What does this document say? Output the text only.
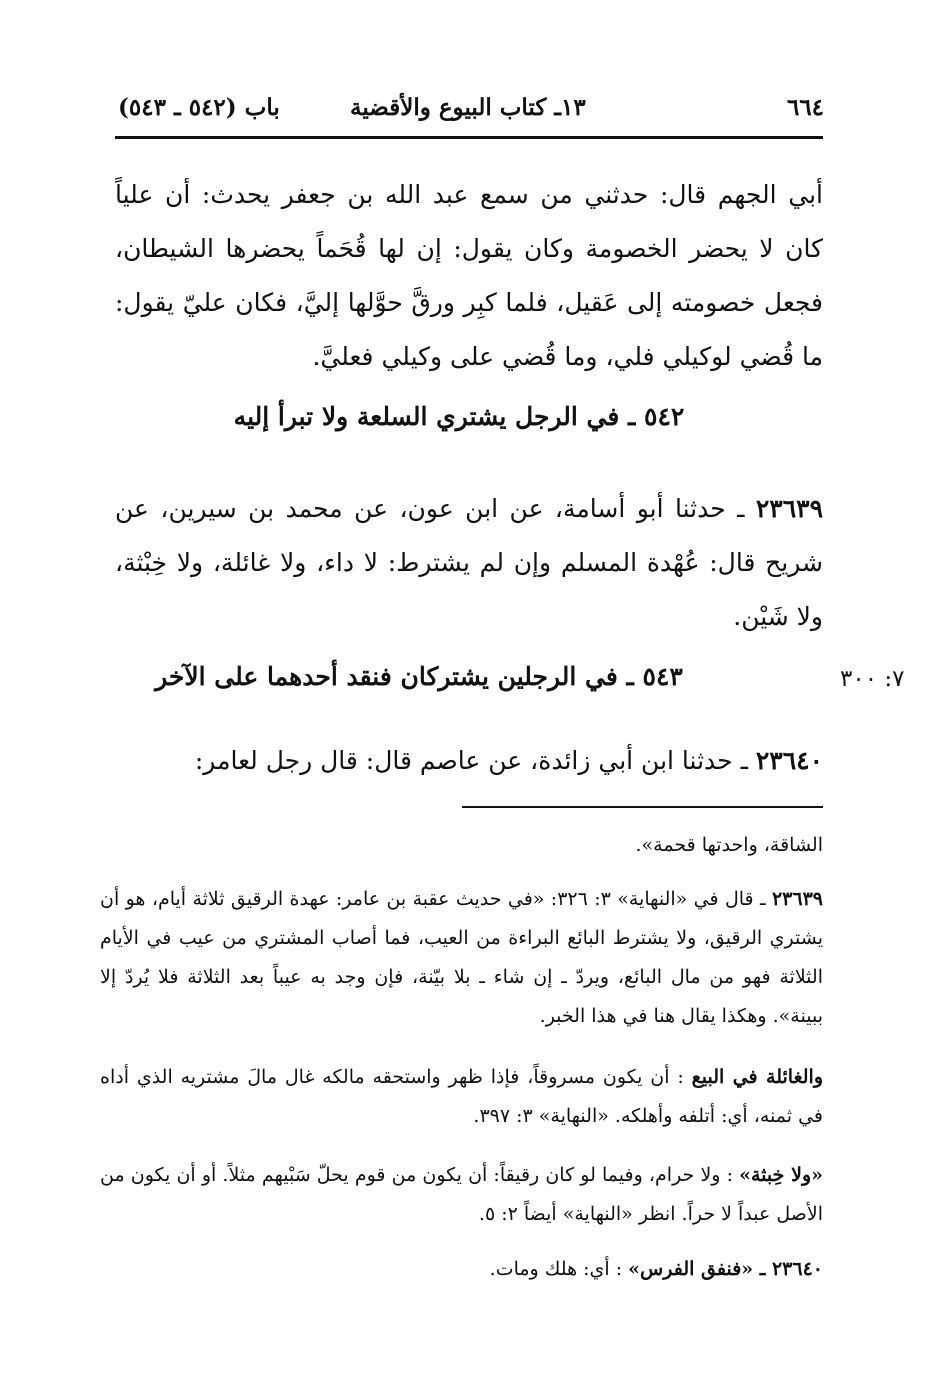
٦٦٤
١٣ـ كتاب البيوع والأقضية
باب (٥٤٢ ـ ٥٤٣)
أبي الجهم قال: حدثني من سمع عبد الله بن جعفر يحدث: أن علياً كان لا يحضر الخصومة وكان يقول: إن لها قُحَماً يحضرها الشيطان، فجعل خصومته إلى عَقيل، فلما كبِر ورقَّ حوَّلها إليَّ، فكان عليّ يقول: ما قُضي لوكيلي فلي، وما قُضي على وكيلي فعليَّ.
٥٤٢ ـ في الرجل يشتري السلعة ولا تبرأ إليه
٢٣٦٣٩ ـ حدثنا أبو أسامة، عن ابن عون، عن محمد بن سيرين، عن شريح قال: عُهْدة المسلم وإن لم يشترط: لا داء، ولا غائلة، ولا خِبْثة، ولا شَيْن.
٥٤٣ ـ في الرجلين يشتركان فنقد أحدهما على الآخر	٧: ٣٠٠
٢٣٦٤٠ ـ حدثنا ابن أبي زائدة، عن عاصم قال: قال رجل لعامر:
الشاقة، واحدتها قحمة».
٢٣٦٣٩ ـ قال في «النهاية» ٣: ٣٢٦: «في حديث عقبة بن عامر: عهدة الرقيق ثلاثة أيام، هو أن يشتري الرقيق، ولا يشترط البائع البراءة من العيب، فما أصاب المشتري من عيب في الأيام الثلاثة فهو من مال البائع، ويردّ ـ إن شاء ـ بلا بيّنة، فإن وجد به عيباً بعد الثلاثة فلا يُردّ إلا ببينة». وهكذا يقال هنا في هذا الخبر.
والغائلة في البيع : أن يكون مسروقاً، فإذا ظهر واستحقه مالكه غال مالَ مشتريه الذي أداه في ثمنه، أي: أتلفه وأهلكه. «النهاية» ٣: ٣٩٧.
«ولا خِبثة» : ولا حرام، وفيما لو كان رقيقاً: أن يكون من قوم يحلّ سَبْيهم مثلاً. أو أن يكون من الأصل عبداً لا حراً. انظر «النهاية» أيضاً ٢: ٥.
٢٣٦٤٠ ـ «فنفق الفرس» : أي: هلك ومات.
